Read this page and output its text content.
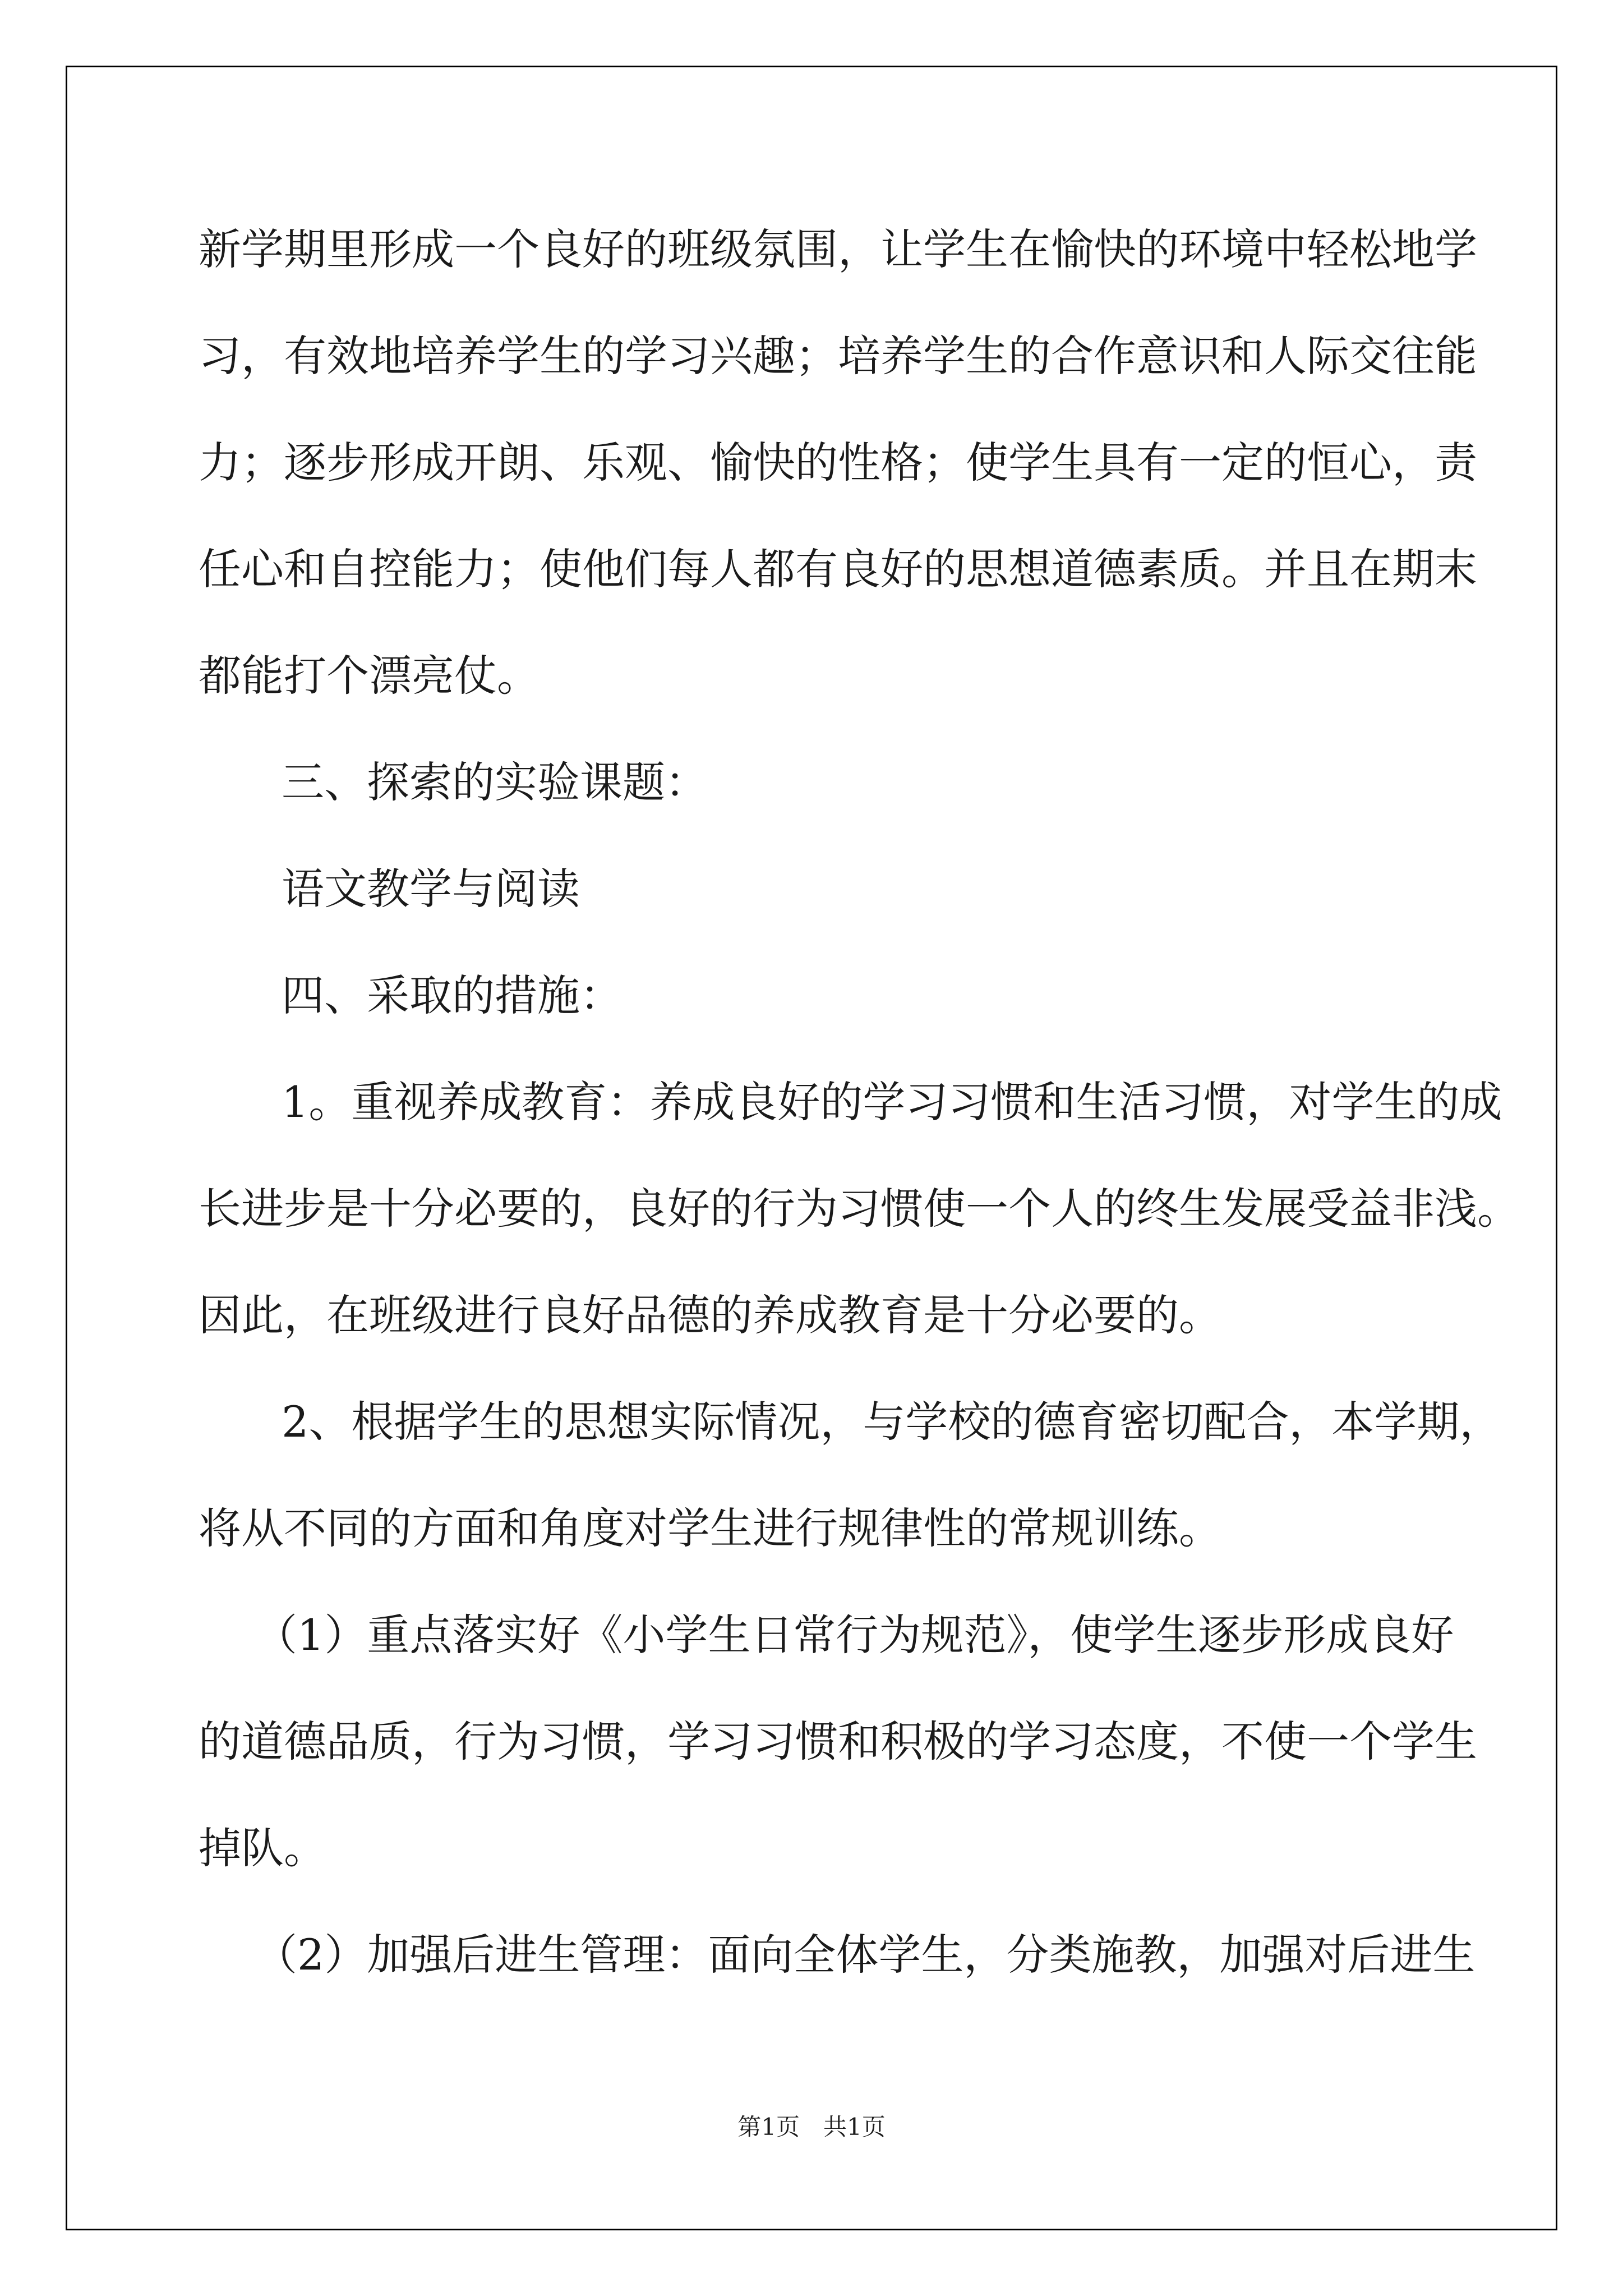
新学期里形成一个良好的班级氛围，让学生在愉快的环境中轻松地学
习，有效地培养学生的学习兴趣；培养学生的合作意识和人际交往能
力；逐步形成开朗、乐观、愉快的性格；使学生具有一定的恒心，责
任心和自控能力；使他们每人都有良好的思想道德素质。并且在期末
都能打个漂亮仗。
三、探索的实验课题：
语文教学与阅读
四、采取的措施：
1。重视养成教育：养成良好的学习习惯和生活习惯，对学生的成
长进步是十分必要的，良好的行为习惯使一个人的终生发展受益非浅。
因此，在班级进行良好品德的养成教育是十分必要的。
2、根据学生的思想实际情况，与学校的德育密切配合，本学期，
将从不同的方面和角度对学生进行规律性的常规训练。
（1）重点落实好《小学生日常行为规范》，使学生逐步形成良好
的道德品质，行为习惯，学习习惯和积极的学习态度，不使一个学生
掉队。
（2）加强后进生管理：面向全体学生，分类施教，加强对后进生
第1页　共1页
